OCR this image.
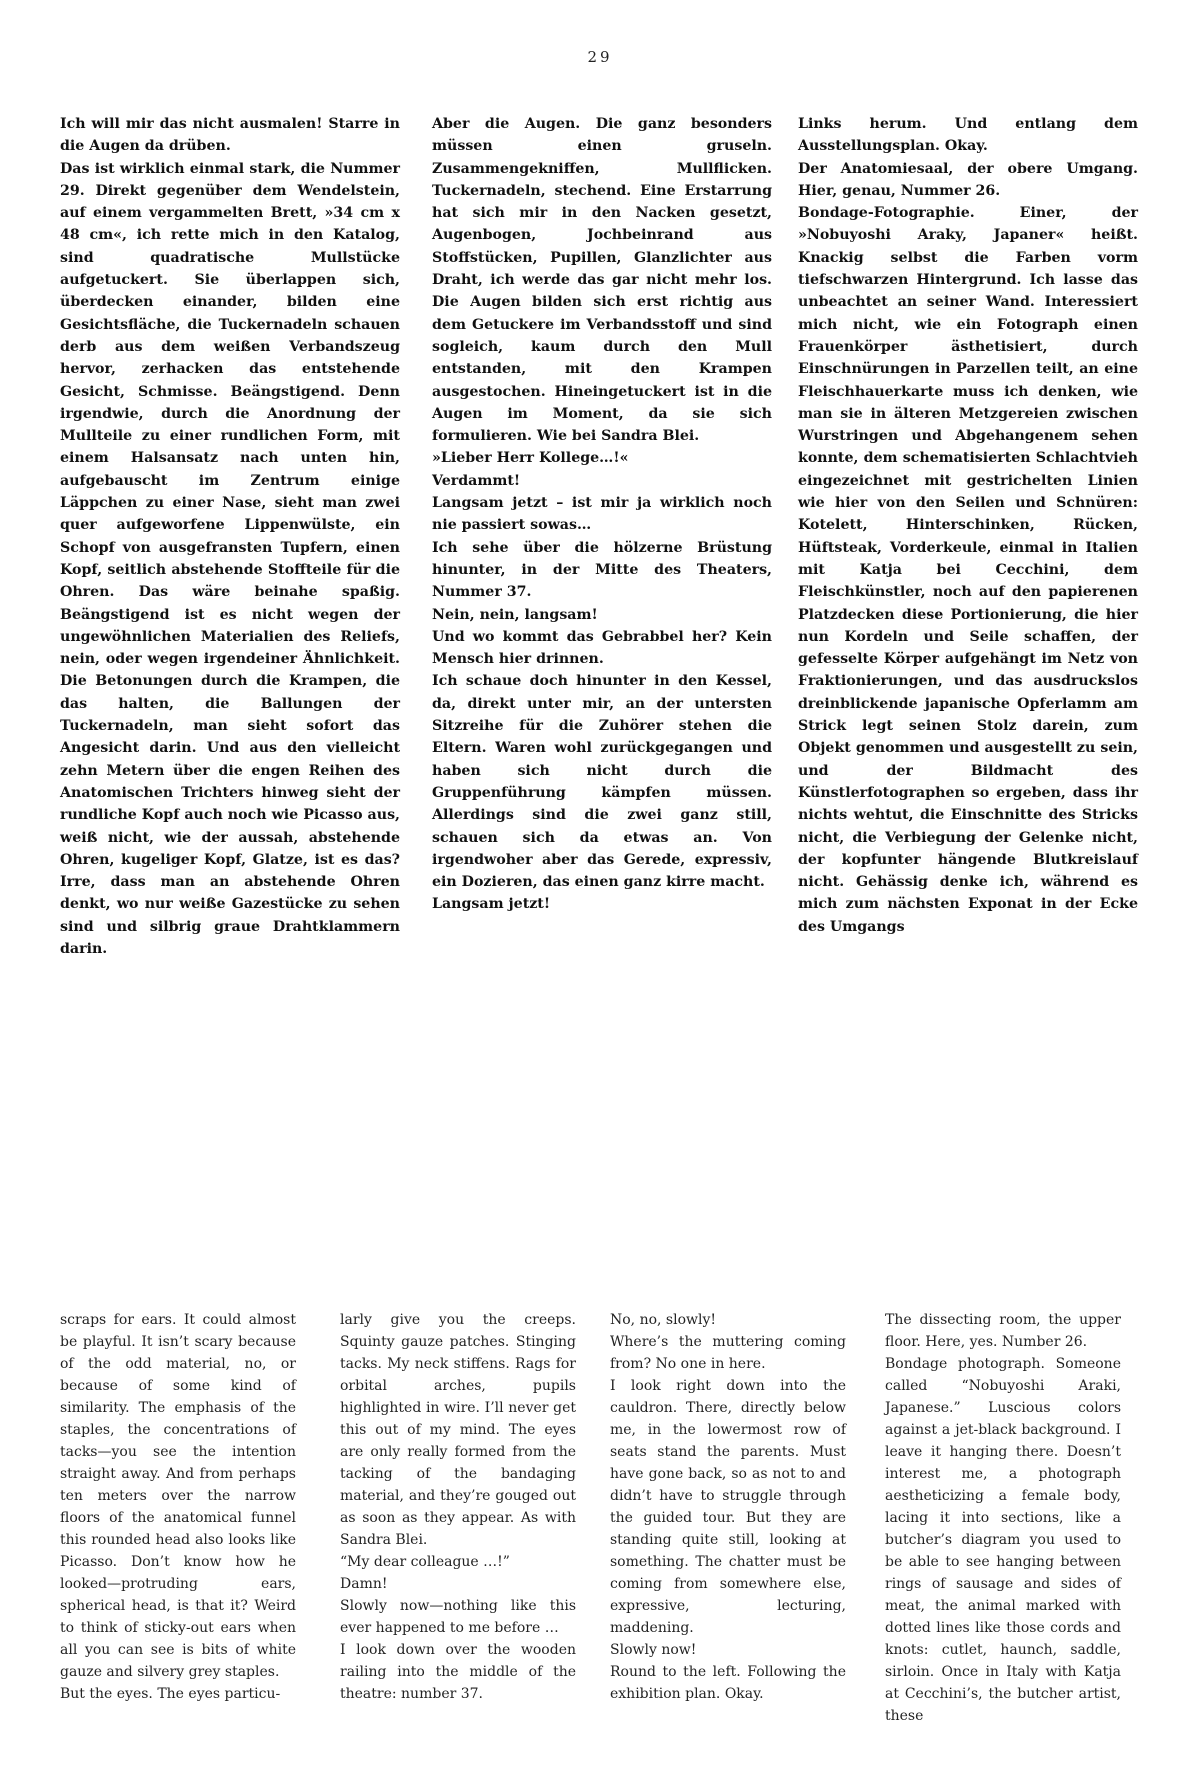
29

Ich will mir das nicht ausmalen! Starre in die Augen da drüben.

Das ist wirklich einmal stark, die Nummer 29. Direkt gegenüber dem Wendelstein, auf einem vergammelten Brett, »34 cm x 48 cm«, ich rette mich in den Katalog, sind quadratische Mullstücke aufgetuckert. Sie überlappen sich, überdecken einander, bilden eine Gesichtsfläche, die Tuckernadeln schauen derb aus dem weißen Verbandszeug hervor, zerhacken das entstehende Gesicht, Schmisse. Beängstigend. Denn irgendwie, durch die Anordnung der Mullteile zu einer rundlichen Form, mit einem Halsansatz nach unten hin, aufgebauscht im Zentrum einige Läppchen zu einer Nase, sieht man zwei quer aufgeworfene Lippenwülste, ein Schopf von ausgefransten Tupfern, einen Kopf, seitlich abstehende Stoffteile für die Ohren. Das wäre beinahe spaßig. Beängstigend ist es nicht wegen der ungewöhnlichen Materialien des Reliefs, nein, oder wegen irgendeiner Ähnlichkeit. Die Betonungen durch die Krampen, die das halten, die Ballungen der Tuckernadeln, man sieht sofort das Angesicht darin. Und aus den vielleicht zehn Metern über die engen Reihen des Anatomischen Trichters hinweg sieht der rundliche Kopf auch noch wie Picasso aus, weiß nicht, wie der aussah, abstehende Ohren, kugeliger Kopf, Glatze, ist es das? Irre, dass man an abstehende Ohren denkt, wo nur weiße Gazestücke zu sehen sind und silbrig graue Drahtklammern darin.

Aber die Augen. Die ganz besonders müssen einen gruseln. Zusammengekniffen, Mullflicken. Tuckernadeln, stechend. Eine Erstarrung hat sich mir in den Nacken gesetzt, Augenbogen, Jochbeinrand aus Stoffstücken, Pupillen, Glanzlichter aus Draht, ich werde das gar nicht mehr los. Die Augen bilden sich erst richtig aus dem Getuckere im Verbandsstoff und sind sogleich, kaum durch den Mull entstanden, mit den Krampen ausgestochen. Hineingetuckert ist in die Augen im Moment, da sie sich formulieren. Wie bei Sandra Blei.

»Lieber Herr Kollege…!«

Verdammt!

Langsam jetzt – ist mir ja wirklich noch nie passiert sowas…

Ich sehe über die hölzerne Brüstung hinunter, in der Mitte des Theaters, Nummer 37.

Nein, nein, langsam!

Und wo kommt das Gebrabbel her? Kein Mensch hier drinnen.

Ich schaue doch hinunter in den Kessel, da, direkt unter mir, an der untersten Sitzreihe für die Zuhörer stehen die Eltern. Waren wohl zurückgegangen und haben sich nicht durch die Gruppenführung kämpfen müssen. Allerdings sind die zwei ganz still, schauen sich da etwas an. Von irgendwoher aber das Gerede, expressiv, ein Dozieren, das einen ganz kirre macht.

Langsam jetzt!

Links herum. Und entlang dem Ausstellungsplan. Okay.

Der Anatomiesaal, der obere Umgang. Hier, genau, Nummer 26.

Bondage-Fotographie. Einer, der »Nobuyoshi Araky, Japaner« heißt. Knackig selbst die Farben vorm tiefschwarzen Hintergrund. Ich lasse das unbeachtet an seiner Wand. Interessiert mich nicht, wie ein Fotograph einen Frauenkörper ästhetisiert, durch Einschnürungen in Parzellen teilt, an eine Fleischhauerkarte muss ich denken, wie man sie in älteren Metzgereien zwischen Wurstringen und Abgehangenem sehen konnte, dem schematisierten Schlachtvieh eingezeichnet mit gestrichelten Linien wie hier von den Seilen und Schnüren: Kotelett, Hinterschinken, Rücken, Hüftsteak, Vorderkeule, einmal in Italien mit Katja bei Cecchini, dem Fleischkünstler, noch auf den papierenen Platzdecken diese Portionierung, die hier nun Kordeln und Seile schaffen, der gefesselte Körper aufgehängt im Netz von Fraktionierungen, und das ausdruckslos dreinblickende japanische Opferlamm am Strick legt seinen Stolz darein, zum Objekt genommen und ausgestellt zu sein, und der Bildmacht des Künstlerfotographen so ergeben, dass ihr nichts wehtut, die Einschnitte des Stricks nicht, die Verbiegung der Gelenke nicht, der kopfunter hängende Blutkreislauf nicht. Gehässig denke ich, während es mich zum nächsten Exponat in der Ecke des Umgangs

scraps for ears. It could almost be playful. It isn’t scary because of the odd material, no, or because of some kind of similarity. The emphasis of the staples, the concentrations of tacks—you see the intention straight away. And from perhaps ten meters over the narrow floors of the anatomical funnel this rounded head also looks like Picasso. Don’t know how he looked—protruding ears, spherical head, is that it? Weird to think of sticky-out ears when all you can see is bits of white gauze and silvery grey staples.

But the eyes. The eyes particu-

larly give you the creeps. Squinty gauze patches. Stinging tacks. My neck stiffens. Rags for orbital arches, pupils highlighted in wire. I’ll never get this out of my mind. The eyes are only really formed from the tacking of the bandaging material, and they’re gouged out as soon as they appear. As with Sandra Blei.

“My dear colleague …!”

Damn!

Slowly now—nothing like this ever happened to me before …

I look down over the wooden railing into the middle of the theatre: number 37.

No, no, slowly!

Where’s the muttering coming from? No one in here.

I look right down into the cauldron. There, directly below me, in the lowermost row of seats stand the parents. Must have gone back, so as not to and didn’t have to struggle through the guided tour. But they are standing quite still, looking at something. The chatter must be coming from somewhere else, expressive, lecturing, maddening.

Slowly now!

Round to the left. Following the exhibition plan. Okay.

The dissecting room, the upper floor. Here, yes. Number 26.

Bondage photograph. Someone called “Nobuyoshi Araki, Japanese.” Luscious colors against a jet-black background. I leave it hanging there. Doesn’t interest me, a photograph aestheticizing a female body, lacing it into sections, like a butcher’s diagram you used to be able to see hanging between rings of sausage and sides of meat, the animal marked with dotted lines like those cords and knots: cutlet, haunch, saddle, sirloin. Once in Italy with Katja at Cecchini’s, the butcher artist, these
